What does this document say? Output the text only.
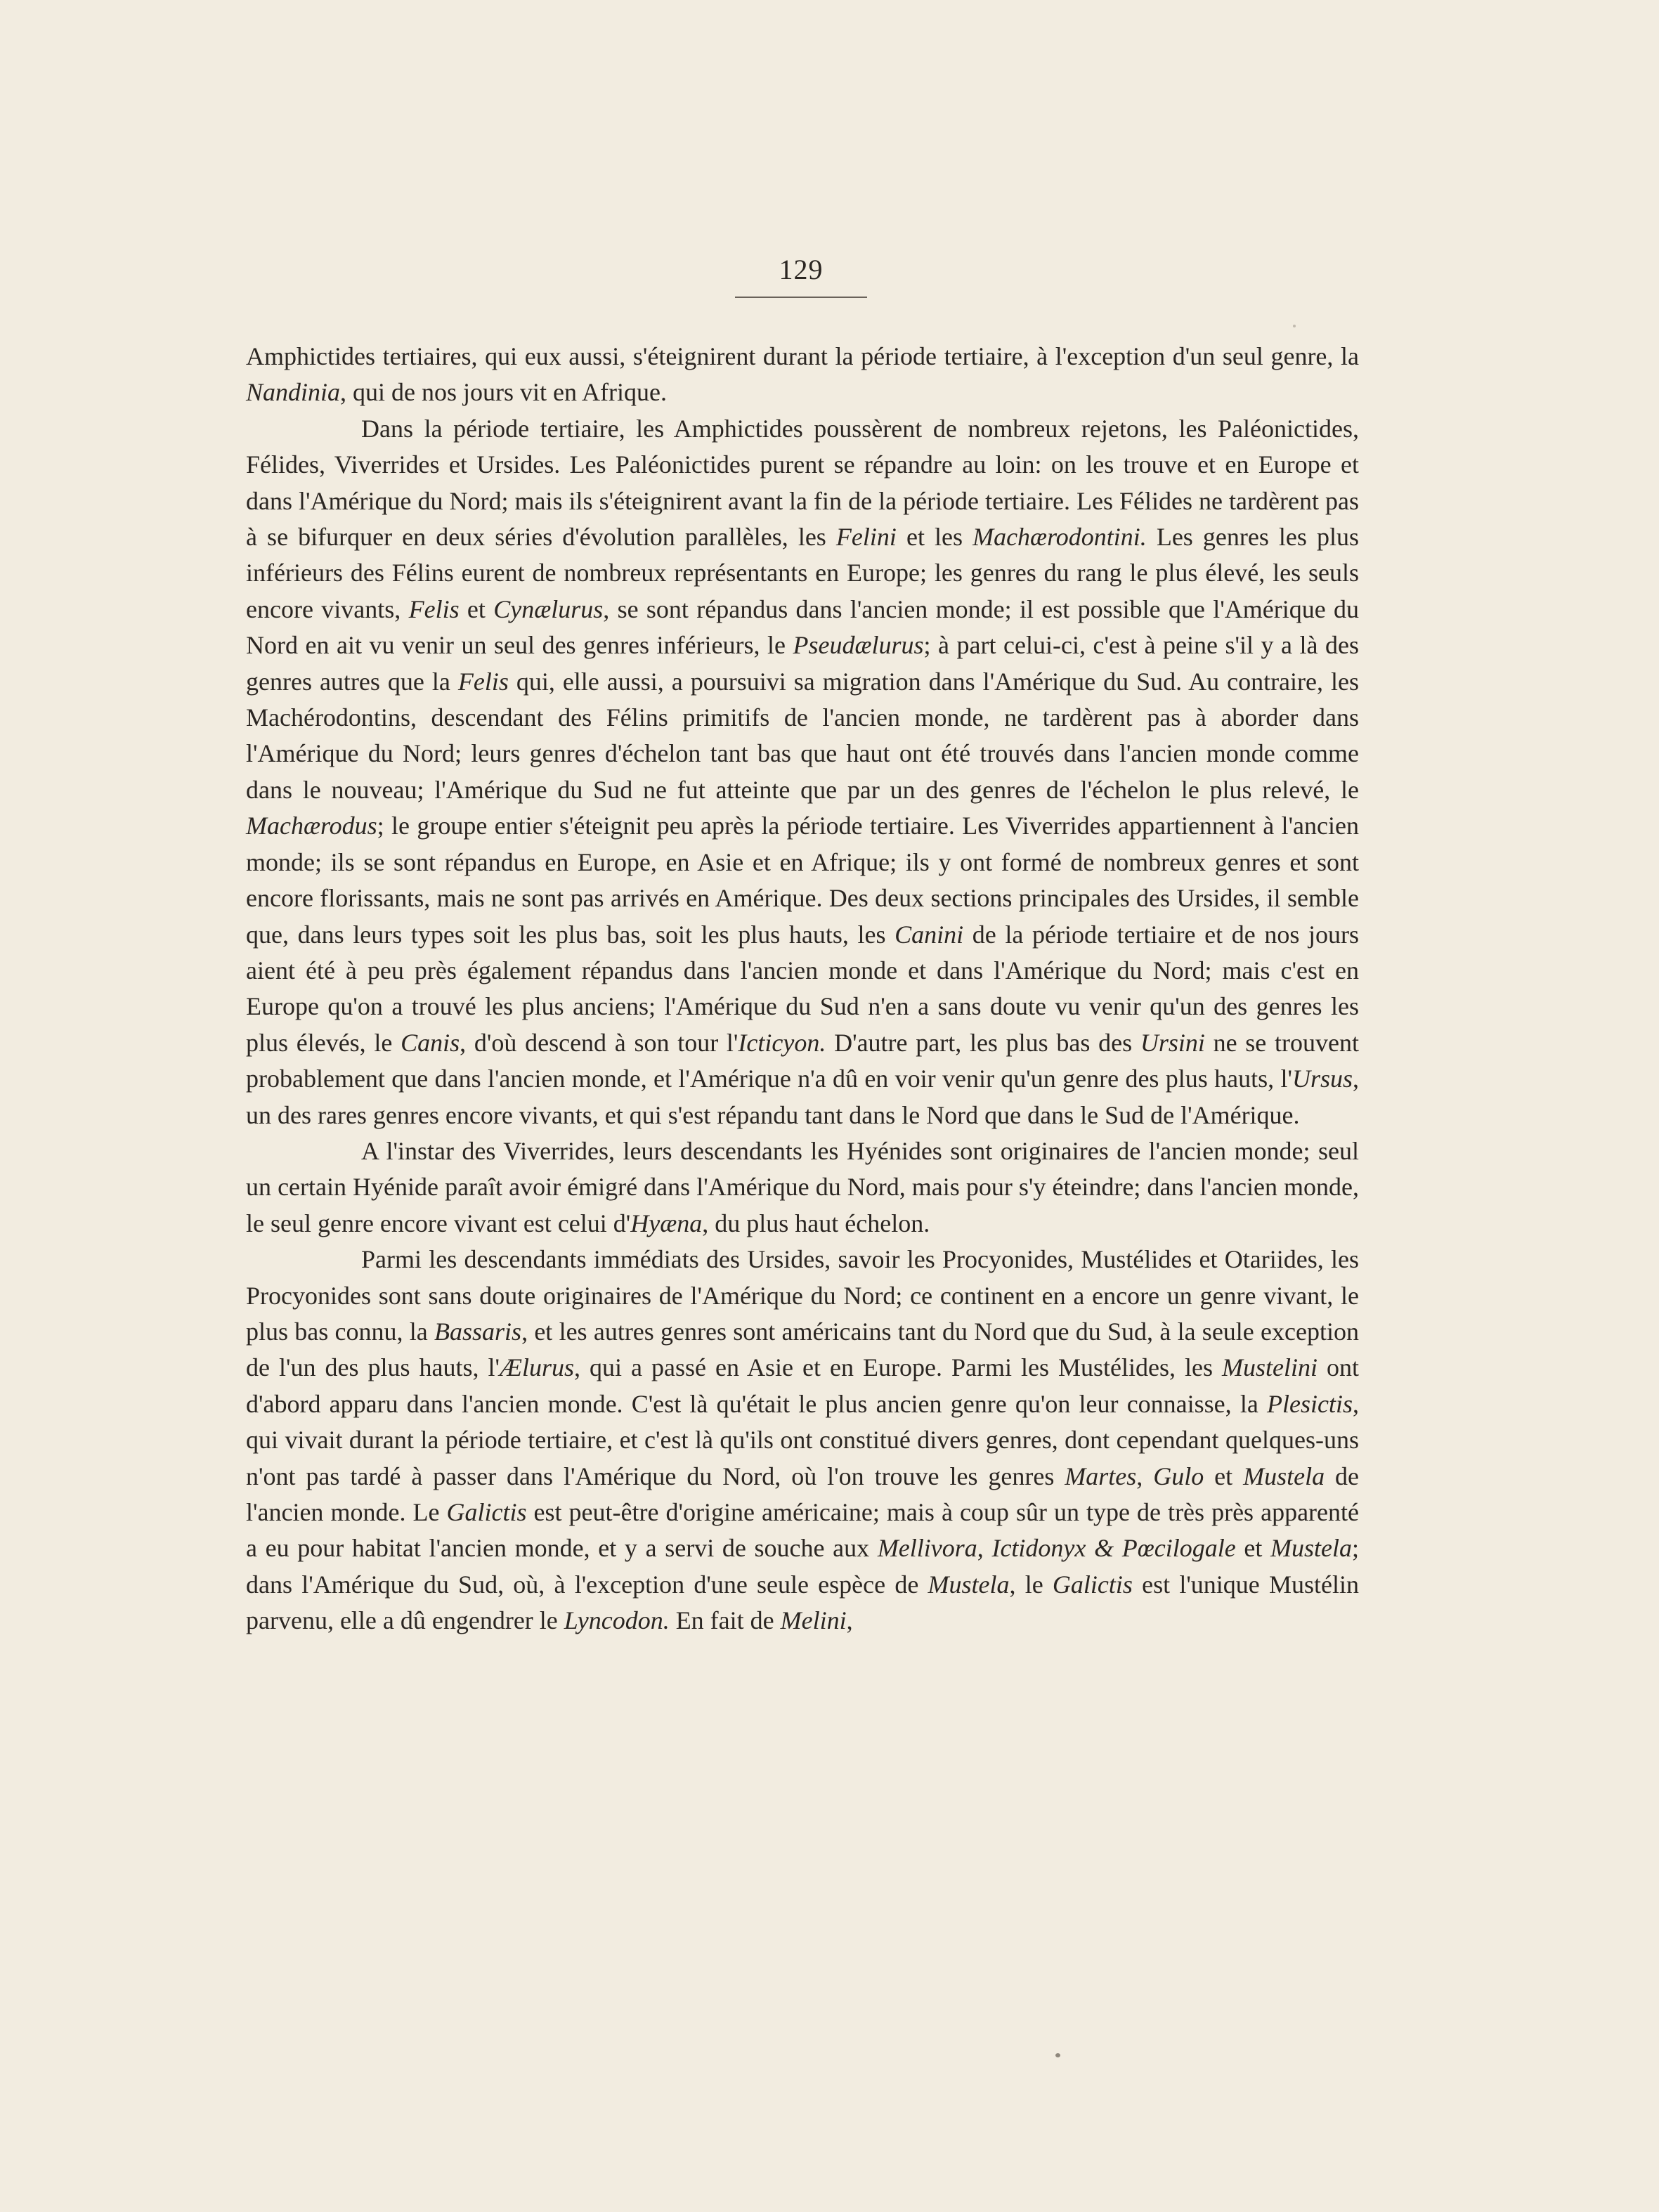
129

Amphictides tertiaires, qui eux aussi, s'éteignirent durant la période tertiaire, à l'exception d'un seul genre, la Nandinia, qui de nos jours vit en Afrique.

Dans la période tertiaire, les Amphictides poussèrent de nombreux rejetons, les Paléonictides, Félides, Viverrides et Ursides. Les Paléonictides purent se répandre au loin: on les trouve et en Europe et dans l'Amérique du Nord; mais ils s'éteignirent avant la fin de la période tertiaire. Les Félides ne tardèrent pas à se bifurquer en deux séries d'évolution parallèles, les Felini et les Machærodontini. Les genres les plus inférieurs des Félins eurent de nombreux représentants en Europe; les genres du rang le plus élevé, les seuls encore vivants, Felis et Cynælurus, se sont répandus dans l'ancien monde; il est possible que l'Amérique du Nord en ait vu venir un seul des genres inférieurs, le Pseudælurus; à part celui-ci, c'est à peine s'il y a là des genres autres que la Felis qui, elle aussi, a poursuivi sa migration dans l'Amérique du Sud. Au contraire, les Machérodontins, descendant des Félins primitifs de l'ancien monde, ne tardèrent pas à aborder dans l'Amérique du Nord; leurs genres d'échelon tant bas que haut ont été trouvés dans l'ancien monde comme dans le nouveau; l'Amérique du Sud ne fut atteinte que par un des genres de l'échelon le plus relevé, le Machærodus; le groupe entier s'éteignit peu après la période tertiaire. Les Viverrides appartiennent à l'ancien monde; ils se sont répandus en Europe, en Asie et en Afrique; ils y ont formé de nombreux genres et sont encore florissants, mais ne sont pas arrivés en Amérique. Des deux sections principales des Ursides, il semble que, dans leurs types soit les plus bas, soit les plus hauts, les Canini de la période tertiaire et de nos jours aient été à peu près également répandus dans l'ancien monde et dans l'Amérique du Nord; mais c'est en Europe qu'on a trouvé les plus anciens; l'Amérique du Sud n'en a sans doute vu venir qu'un des genres les plus élevés, le Canis, d'où descend à son tour l'Icticyon. D'autre part, les plus bas des Ursini ne se trouvent probablement que dans l'ancien monde, et l'Amérique n'a dû en voir venir qu'un genre des plus hauts, l'Ursus, un des rares genres encore vivants, et qui s'est répandu tant dans le Nord que dans le Sud de l'Amérique.

A l'instar des Viverrides, leurs descendants les Hyénides sont originaires de l'ancien monde; seul un certain Hyénide paraît avoir émigré dans l'Amérique du Nord, mais pour s'y éteindre; dans l'ancien monde, le seul genre encore vivant est celui d'Hyæna, du plus haut échelon.

Parmi les descendants immédiats des Ursides, savoir les Procyonides, Mustélides et Otariides, les Procyonides sont sans doute originaires de l'Amérique du Nord; ce continent en a encore un genre vivant, le plus bas connu, la Bassaris, et les autres genres sont américains tant du Nord que du Sud, à la seule exception de l'un des plus hauts, l'Ælurus, qui a passé en Asie et en Europe. Parmi les Mustélides, les Mustelini ont d'abord apparu dans l'ancien monde. C'est là qu'était le plus ancien genre qu'on leur connaisse, la Plesictis, qui vivait durant la période tertiaire, et c'est là qu'ils ont constitué divers genres, dont cependant quelques-uns n'ont pas tardé à passer dans l'Amérique du Nord, où l'on trouve les genres Martes, Gulo et Mustela de l'ancien monde. Le Galictis est peut-être d'origine américaine; mais à coup sûr un type de très près apparenté a eu pour habitat l'ancien monde, et y a servi de souche aux Mellivora, Ictidonyx & Pœcilogale et Mustela; dans l'Amérique du Sud, où, à l'exception d'une seule espèce de Mustela, le Galictis est l'unique Mustélin parvenu, elle a dû engendrer le Lyncodon. En fait de Melini,
